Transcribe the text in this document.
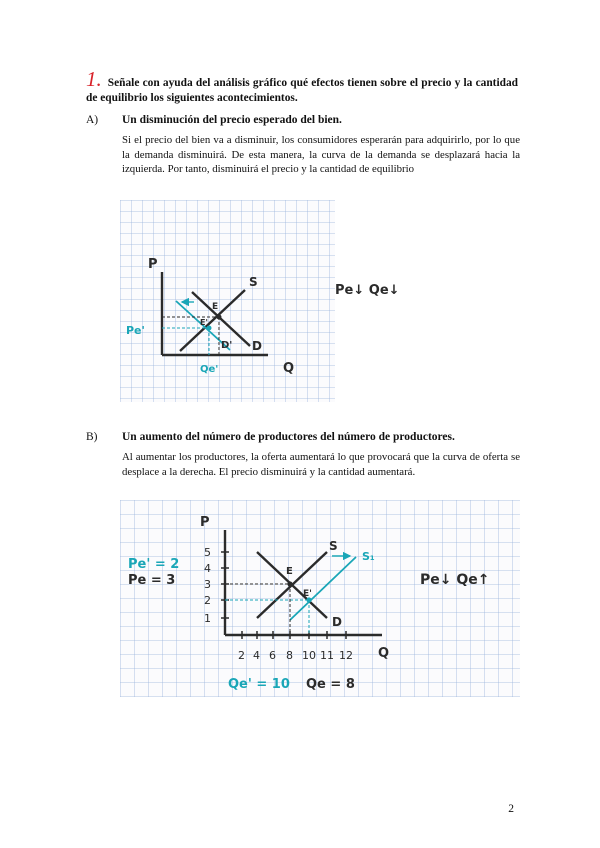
1. Señale con ayuda del análisis gráfico qué efectos tienen sobre el precio y la cantidad de equilibrio los siguientes acontecimientos.
A) Un disminución del precio esperado del bien.
Si el precio del bien va a disminuir, los consumidores esperarán para adquirirlo, por lo que la demanda disminuirá. De esta manera, la curva de la demanda se desplazará hacia la izquierda. Por tanto, disminuirá el precio y la cantidad de equilibrio
P
Q
S
D
D'
E
E'
Pe'
Qe'
Pe↓ Qe↓
B) Un aumento del número de productores del número de productores.
Al aumentar los productores, la oferta aumentará lo que provocará que la curva de oferta se desplace a la derecha. El precio disminuirá y la cantidad aumentará.
P
Q
5
4
3
2
1
2 4 6 8 10 11 12
S
S₁
D
E
E'
Pe' = 2
Pe = 3
Qe' = 10 Qe = 8
Pe↓ Qe↑
2
